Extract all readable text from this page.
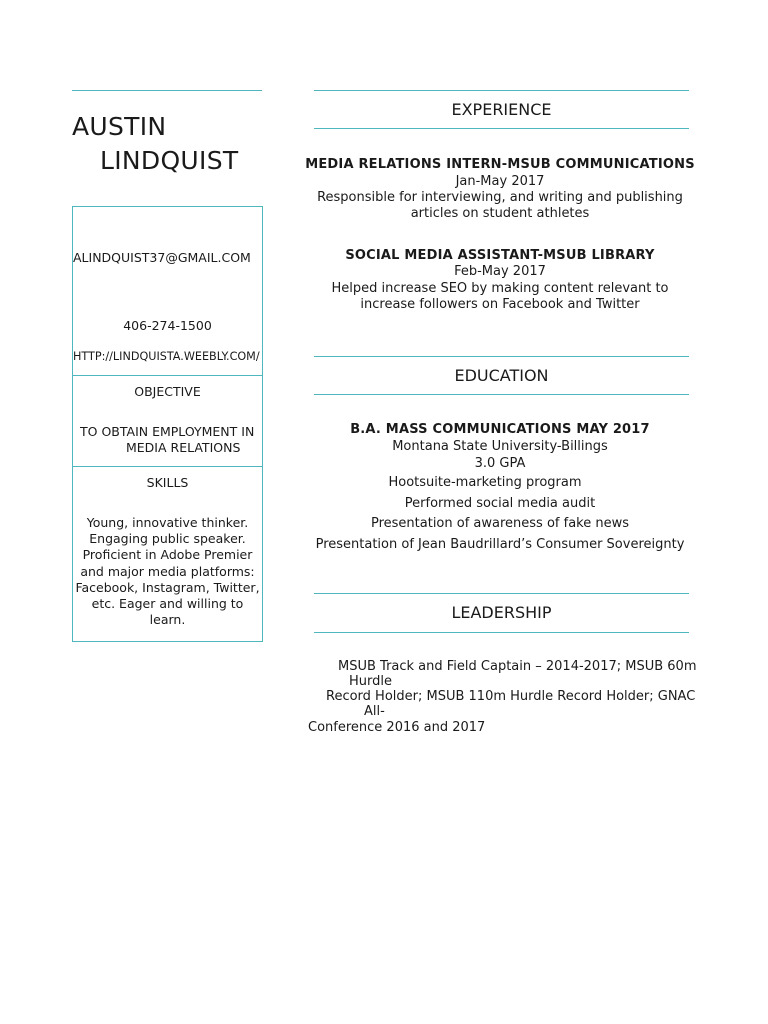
AUSTIN
LINDQUIST
ALINDQUIST37@GMAIL.COM
406-274-1500
HTTP://LINDQUISTA.WEEBLY.COM/
OBJECTIVE
TO OBTAIN EMPLOYMENT IN
MEDIA RELATIONS
SKILLS
Young, innovative thinker.
Engaging public speaker.
Proficient in Adobe Premier
and major media platforms:
Facebook, Instagram, Twitter,
etc. Eager and willing to
learn.
EXPERIENCE
MEDIA RELATIONS INTERN-MSUB COMMUNICATIONS
Jan-May 2017
Responsible for interviewing, and writing and publishing
articles on student athletes
SOCIAL MEDIA ASSISTANT-MSUB LIBRARY
Feb-May 2017
Helped increase SEO by making content relevant to
increase followers on Facebook and Twitter
EDUCATION
B.A. MASS COMMUNICATIONS MAY 2017
Montana State University-Billings
3.0 GPA
Hootsuite-marketing program
Performed social media audit
Presentation of awareness of fake news
Presentation of Jean Baudrillard’s Consumer Sovereignty
LEADERSHIP
MSUB Track and Field Captain – 2014-2017; MSUB 60m
Hurdle
Record Holder; MSUB 110m Hurdle Record Holder; GNAC
All-
Conference 2016 and 2017
